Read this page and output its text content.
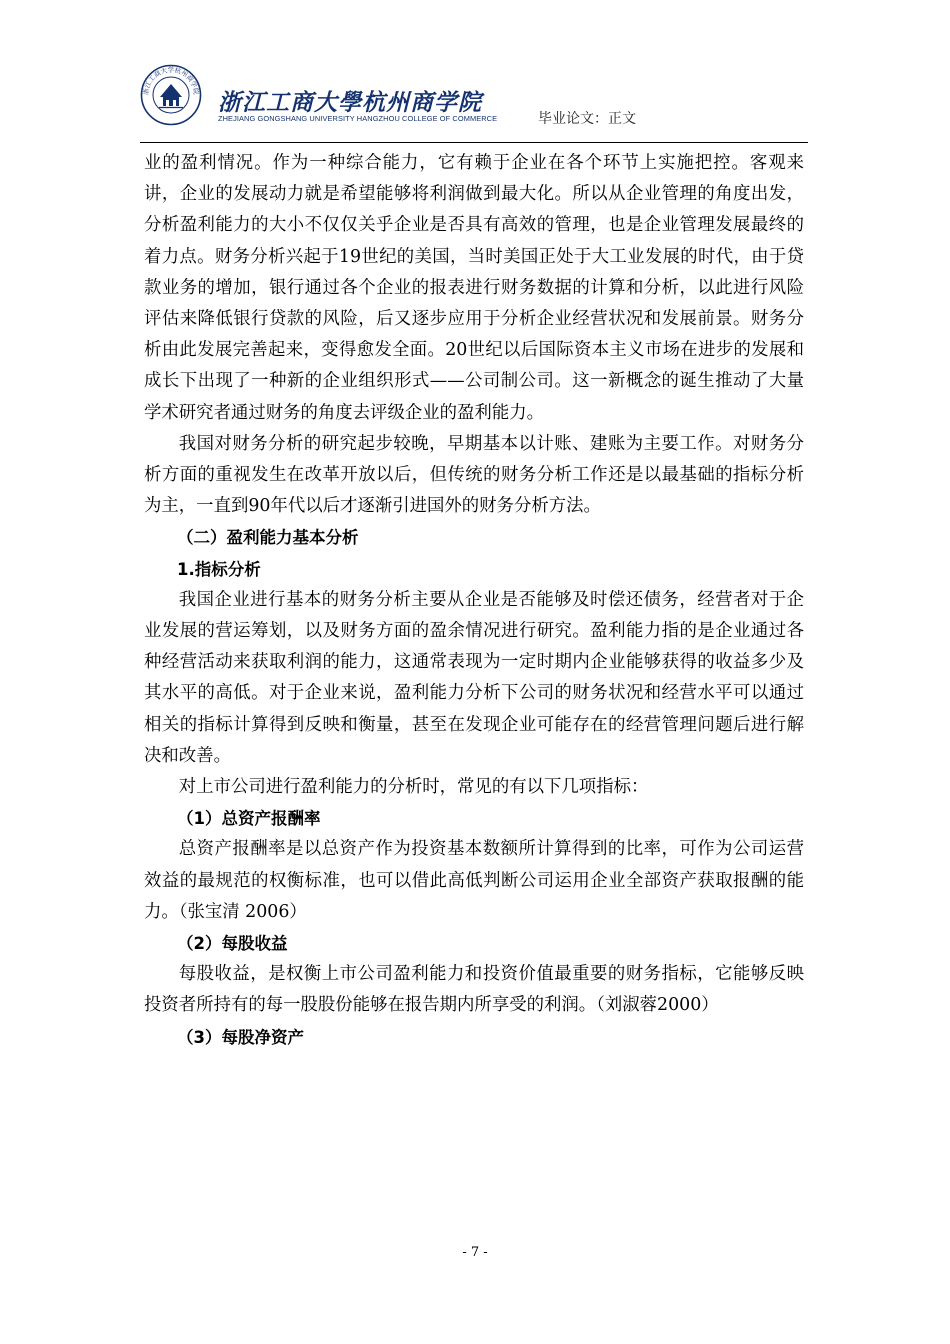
浙江工商大学杭州商学院 浙江工商大學杭州商学院
ZHEJIANG GONGSHANG UNIVERSITY HANGZHOU COLLEGE OF COMMERCE	毕业论文：正文

业的盈利情况。作为一种综合能力，它有赖于企业在各个环节上实施把控。客观来讲，企业的发展动力就是希望能够将利润做到最大化。所以从企业管理的角度出发，分析盈利能力的大小不仅仅关乎企业是否具有高效的管理，也是企业管理发展最终的着力点。财务分析兴起于19世纪的美国，当时美国正处于大工业发展的时代，由于贷款业务的增加，银行通过各个企业的报表进行财务数据的计算和分析，以此进行风险评估来降低银行贷款的风险，后又逐步应用于分析企业经营状况和发展前景。财务分析由此发展完善起来，变得愈发全面。20世纪以后国际资本主义市场在进步的发展和成长下出现了一种新的企业组织形式——公司制公司。这一新概念的诞生推动了大量学术研究者通过财务的角度去评级企业的盈利能力。

我国对财务分析的研究起步较晚，早期基本以计账、建账为主要工作。对财务分析方面的重视发生在改革开放以后，但传统的财务分析工作还是以最基础的指标分析为主，一直到90年代以后才逐渐引进国外的财务分析方法。

（二）盈利能力基本分析

1.指标分析

我国企业进行基本的财务分析主要从企业是否能够及时偿还债务，经营者对于企业发展的营运筹划，以及财务方面的盈余情况进行研究。盈利能力指的是企业通过各种经营活动来获取利润的能力，这通常表现为一定时期内企业能够获得的收益多少及其水平的高低。对于企业来说，盈利能力分析下公司的财务状况和经营水平可以通过相关的指标计算得到反映和衡量，甚至在发现企业可能存在的经营管理问题后进行解决和改善。

对上市公司进行盈利能力的分析时，常见的有以下几项指标：

（1）总资产报酬率

总资产报酬率是以总资产作为投资基本数额所计算得到的比率，可作为公司运营效益的最规范的权衡标准，也可以借此高低判断公司运用企业全部资产获取报酬的能力。（张宝清 2006）

（2）每股收益

每股收益，是权衡上市公司盈利能力和投资价值最重要的财务指标，它能够反映投资者所持有的每一股股份能够在报告期内所享受的利润。（刘淑蓉2000）

（3）每股净资产

- 7 -
